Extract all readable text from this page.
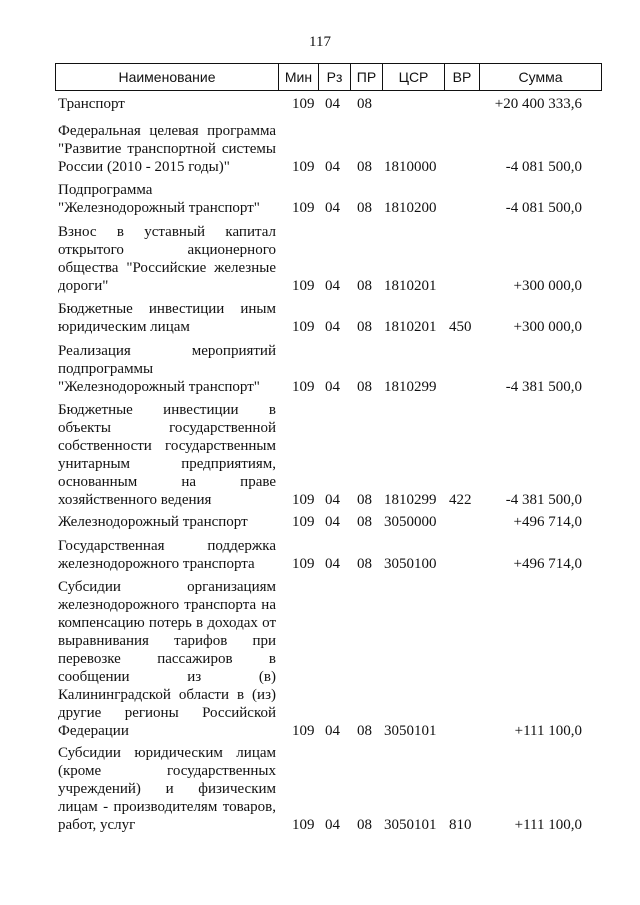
117
Наименование	Мин	Рз	ПР	ЦСР	ВР	Сумма
Транспорт	109 04 08	+20 400 333,6
Федеральная целевая программа "Развитие транспортной системы России (2010 - 2015 годы)"	109 04 08 1810000	-4 081 500,0
Подпрограмма "Железнодорожный транспорт"	109 04 08 1810200	-4 081 500,0
Взнос в уставный капитал открытого акционерного общества "Российские железные дороги"	109 04 08 1810201	+300 000,0
Бюджетные инвестиции иным юридическим лицам	109 04 08 1810201 450	+300 000,0
Реализация мероприятий подпрограммы "Железнодорожный транспорт"	109 04 08 1810299	-4 381 500,0
Бюджетные инвестиции в объекты государственной собственности государственным унитарным предприятиям, основанным на праве хозяйственного ведения	109 04 08 1810299 422 -4 381 500,0
Железнодорожный транспорт	109 04 08 3050000	+496 714,0
Государственная поддержка железнодорожного транспорта	109 04 08 3050100	+496 714,0
Субсидии организациям железнодорожного транспорта на компенсацию потерь в доходах от выравнивания тарифов при перевозке пассажиров в сообщении из (в) Калининградской области в (из) другие регионы Российской Федерации	109 04 08 3050101	+111 100,0
Субсидии юридическим лицам (кроме государственных учреждений) и физическим лицам - производителям товаров, работ, услуг	109 04 08 3050101 810	+111 100,0
